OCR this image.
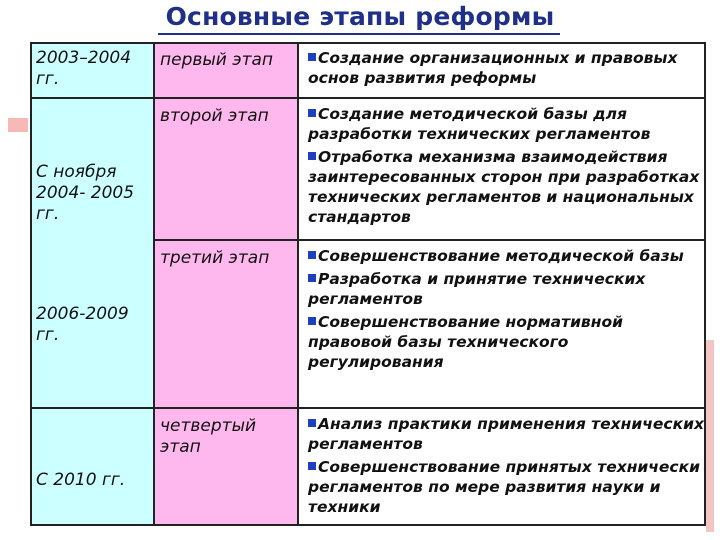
Основные этапы реформы
2003–2004 гг.
первый этап	Создание организационных и правовых основ развития реформы
С ноября 2004- 2005 гг.
2006-2009 гг.
С 2010 гг.
второй этап
третий этап
четвертый этап
Создание методической базы для разработки технических регламентов
Отработка механизма взаимодействия заинтересованных сторон при разработках технических регламентов и национальных стандартов
Совершенствование методической базы
Разработка и принятие технических регламентов
Совершенствование нормативной правовой базы технического регулирования
Анализ практики применения технических регламентов
Совершенствование принятых технически регламентов по мере развития науки и техники
